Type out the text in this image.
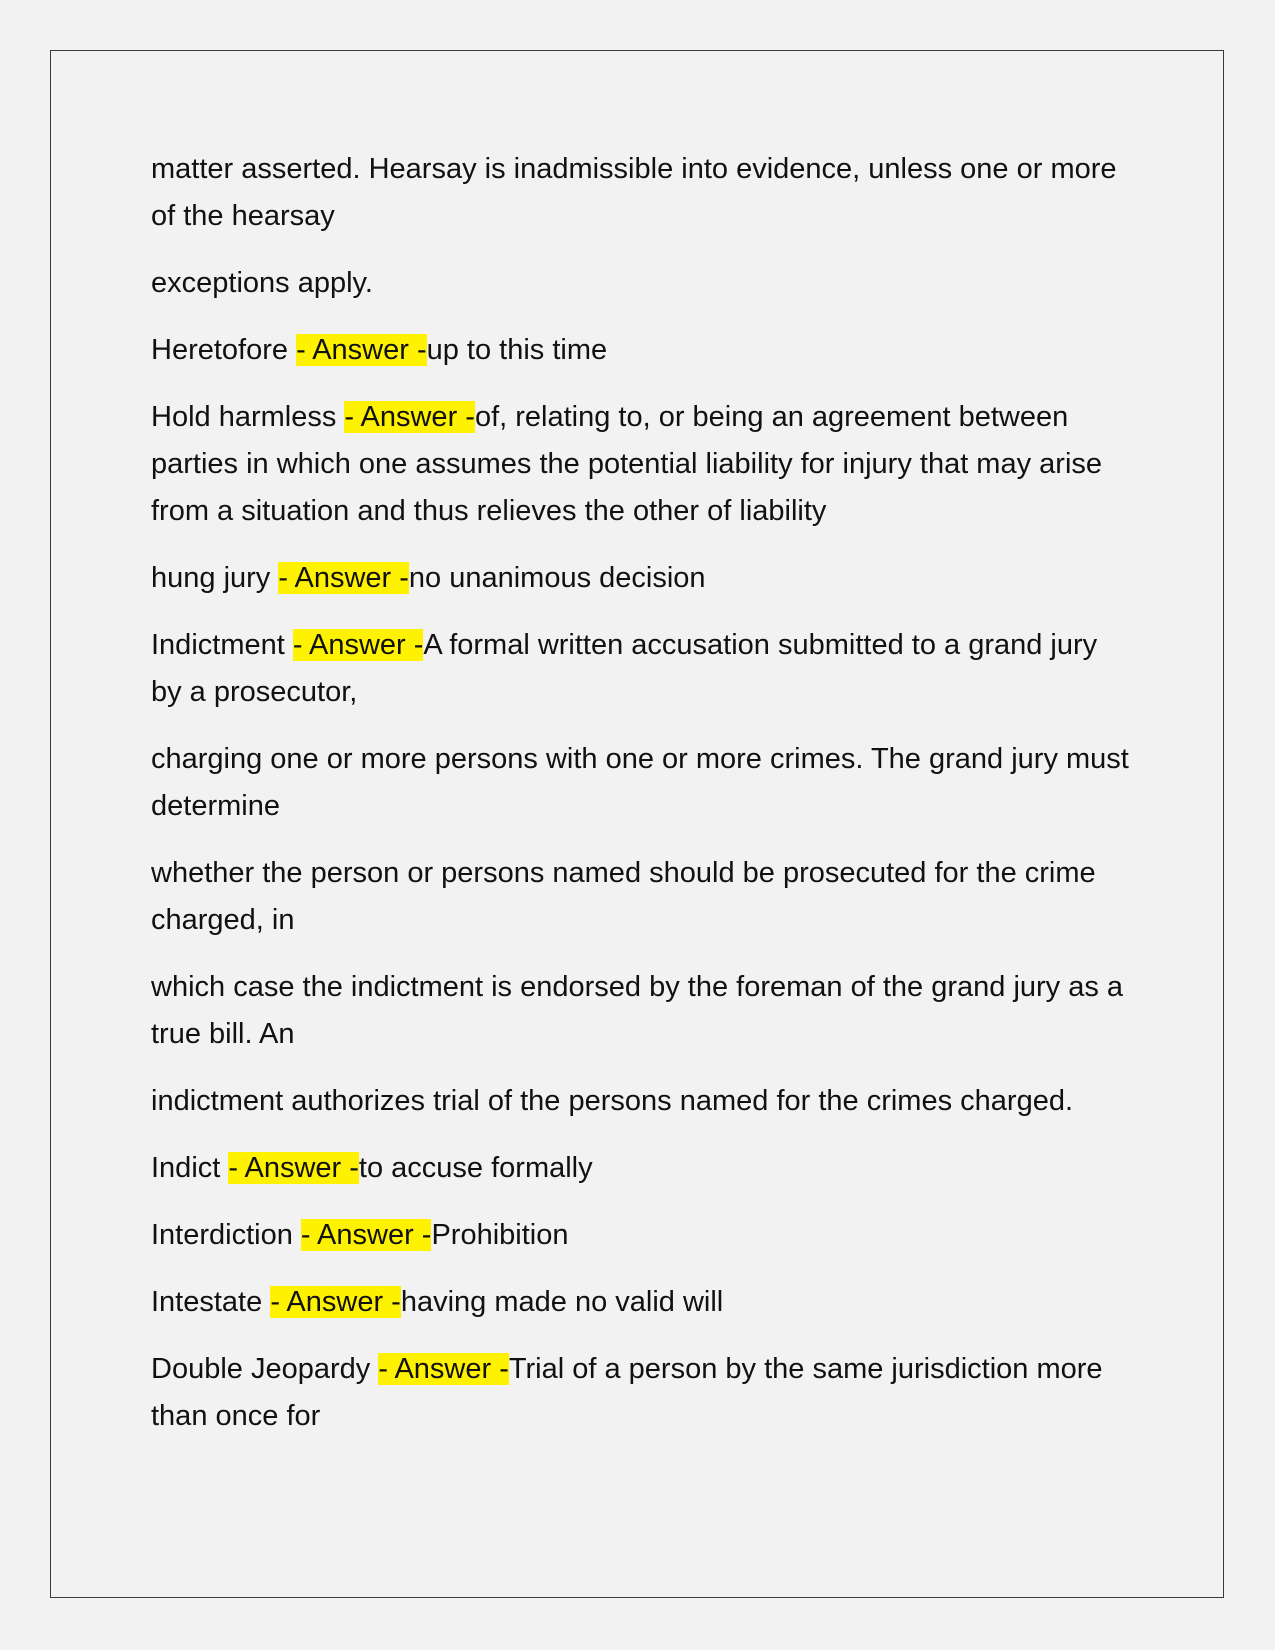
matter asserted. Hearsay is inadmissible into evidence, unless one or more of the hearsay

exceptions apply.

Heretofore - Answer -up to this time

Hold harmless - Answer -of, relating to, or being an agreement between parties in which one assumes the potential liability for injury that may arise from a situation and thus relieves the other of liability

hung jury - Answer -no unanimous decision

Indictment - Answer -A formal written accusation submitted to a grand jury by a prosecutor,

charging one or more persons with one or more crimes. The grand jury must determine

whether the person or persons named should be prosecuted for the crime charged, in

which case the indictment is endorsed by the foreman of the grand jury as a true bill. An

indictment authorizes trial of the persons named for the crimes charged.

Indict - Answer -to accuse formally

Interdiction - Answer -Prohibition

Intestate - Answer -having made no valid will

Double Jeopardy - Answer -Trial of a person by the same jurisdiction more than once for
